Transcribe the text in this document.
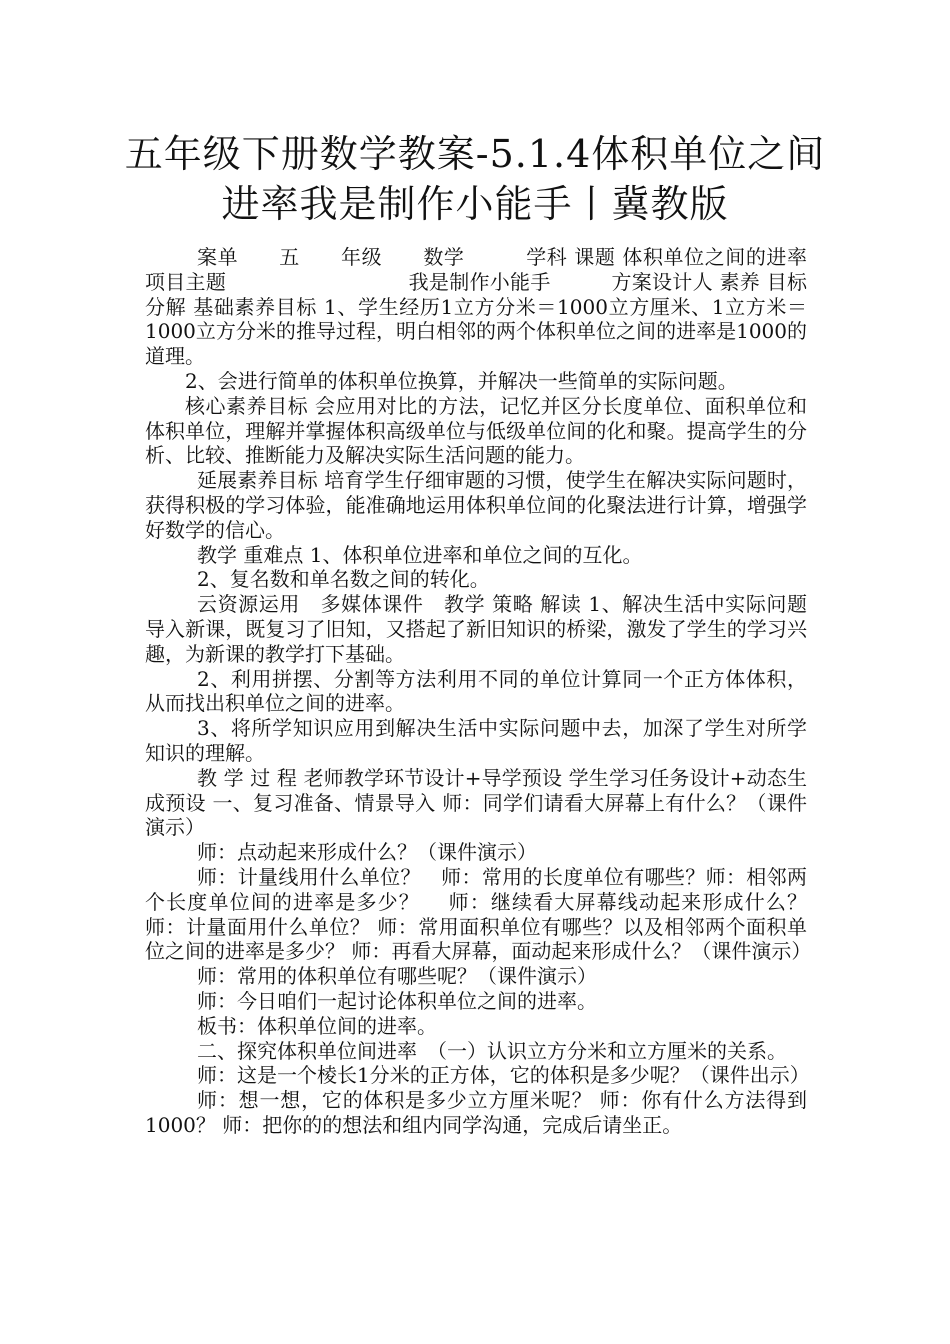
五年级下册数学教案-5.1.4体积单位之间
进率我是制作小能手丨冀教版

案单　　五　　年级　　数学　　　学科 课题 体积单位之间的进率 项目主题　　　　　　　　　我是制作小能手　　　方案设计人 素养 目标 分解 基础素养目标 1、学生经历1立方分米＝1000立方厘米、1立方米＝1000立方分米的推导过程，明白相邻的两个体积单位之间的进率是1000的道理。

2、会进行简单的体积单位换算，并解决一些简单的实际问题。

核心素养目标 会应用对比的方法，记忆并区分长度单位、面积单位和体积单位，理解并掌握体积高级单位与低级单位间的化和聚。提高学生的分析、比较、推断能力及解决实际生活问题的能力。

延展素养目标 培育学生仔细审题的习惯，使学生在解决实际问题时，获得积极的学习体验，能准确地运用体积单位间的化聚法进行计算，增强学好数学的信心。

教学 重难点 1、体积单位进率和单位之间的互化。

2、复名数和单名数之间的转化。

云资源运用　多媒体课件　教学 策略 解读 1、解决生活中实际问题导入新课，既复习了旧知，又搭起了新旧知识的桥梁，激发了学生的学习兴趣，为新课的教学打下基础。

2、利用拼摆、分割等方法利用不同的单位计算同一个正方体体积，从而找出积单位之间的进率。

3、将所学知识应用到解决生活中实际问题中去，加深了学生对所学知识的理解。

教 学 过 程 老师教学环节设计+导学预设 学生学习任务设计+动态生成预设 一、复习准备、情景导入 师：同学们请看大屏幕上有什么？（课件演示）

师：点动起来形成什么？（课件演示）

师：计量线用什么单位？　师：常用的长度单位有哪些？师：相邻两个长度单位间的进率是多少？　 师：继续看大屏幕线动起来形成什么？ 师：计量面用什么单位？ 师：常用面积单位有哪些？以及相邻两个面积单位之间的进率是多少？ 师：再看大屏幕，面动起来形成什么？（课件演示）

师：常用的体积单位有哪些呢？（课件演示）

师：今日咱们一起讨论体积单位之间的进率。

板书：体积单位间的进率。

二、探究体积单位间进率　（一）认识立方分米和立方厘米的关系。

师：这是一个棱长1分米的正方体，它的体积是多少呢？（课件出示）

师：想一想，它的体积是多少立方厘米呢？ 师：你有什么方法得到1000？ 师：把你的的想法和组内同学沟通，完成后请坐正。
